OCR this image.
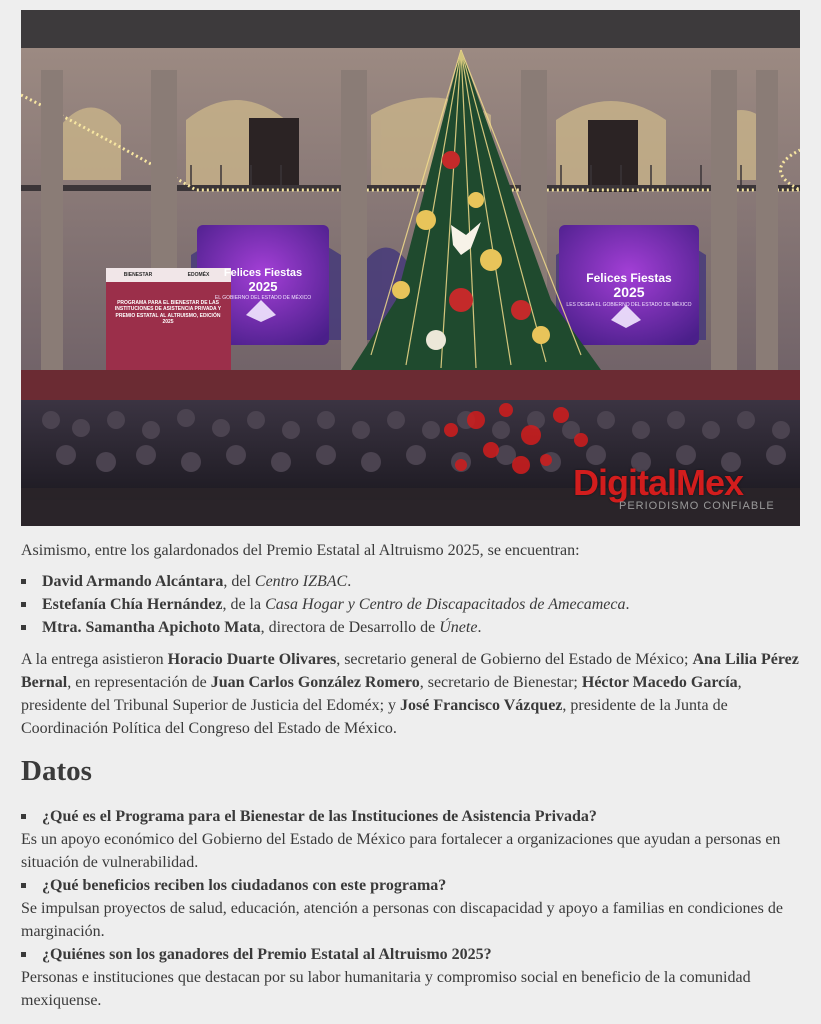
Felices Fiestas
2025
EL GOBIERNO DEL ESTADO DE MÉXICO
Felices Fiestas
2025
LES DESEA EL GOBIERNO DEL ESTADO DE MÉXICO
BIENESTAR	EDOMÉX
PROGRAMA PARA EL BIENESTAR DE LAS INSTITUCIONES DE ASISTENCIA PRIVADA Y PREMIO ESTATAL AL ALTRUISMO, EDICIÓN 2025
DigitalMex
PERIODISMO CONFIABLE

Asimismo, entre los galardonados del Premio Estatal al Altruismo 2025, se encuentran:

David Armando Alcántara, del Centro IZBAC.
Estefanía Chía Hernández, de la Casa Hogar y Centro de Discapacitados de Amecameca.
Mtra. Samantha Apichoto Mata, directora de Desarrollo de Únete.

A la entrega asistieron Horacio Duarte Olivares, secretario general de Gobierno del Estado de México; Ana Lilia Pérez Bernal, en representación de Juan Carlos González Romero, secretario de Bienestar; Héctor Macedo García, presidente del Tribunal Superior de Justicia del Edoméx; y José Francisco Vázquez, presidente de la Junta de Coordinación Política del Congreso del Estado de México.

Datos

¿Qué es el Programa para el Bienestar de las Instituciones de Asistencia Privada?

Es un apoyo económico del Gobierno del Estado de México para fortalecer a organizaciones que ayudan a personas en situación de vulnerabilidad.

¿Qué beneficios reciben los ciudadanos con este programa?

Se impulsan proyectos de salud, educación, atención a personas con discapacidad y apoyo a familias en condiciones de marginación.

¿Quiénes son los ganadores del Premio Estatal al Altruismo 2025?

Personas e instituciones que destacan por su labor humanitaria y compromiso social en beneficio de la comunidad mexiquense.
